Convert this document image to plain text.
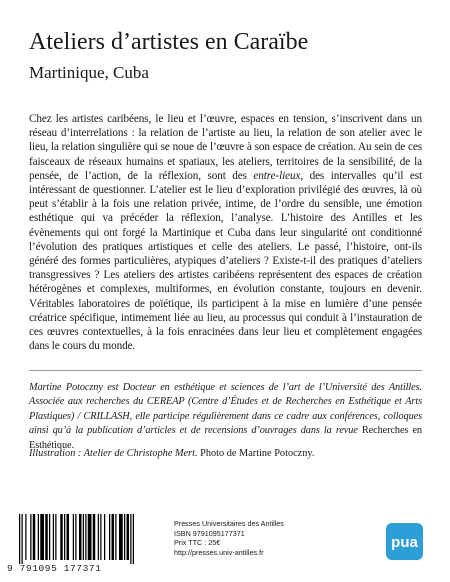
Ateliers d’artistes en Caraïbe
Martinique, Cuba

Chez les artistes caribéens, le lieu et l’œuvre, espaces en tension, s’inscrivent dans un réseau d’interrelations : la relation de l’artiste au lieu, la relation de son atelier avec le lieu, la relation singulière qui se noue de l’œuvre à son espace de création. Au sein de ces faisceaux de réseaux humains et spatiaux, les ateliers, territoires de la sensibilité, de la pensée, de l’action, de la réflexion, sont des entre-lieux, des intervalles qu’il est intéressant de questionner. L’atelier est le lieu d’exploration privilégié des œuvres, là où peut s’établir à la fois une relation privée, intime, de l’ordre du sensible, une émotion esthétique qui va précéder la réflexion, l’analyse. L’histoire des Antilles et les évènements qui ont forgé la Martinique et Cuba dans leur singularité ont conditionné l’évolution des pratiques artistiques et celle des ateliers. Le passé, l’histoire, ont-ils généré des formes particulières, atypiques d’ateliers ? Existe-t-il des pratiques d’ateliers transgressives ? Les ateliers des artistes caribéens représentent des espaces de création hétérogènes et complexes, multiformes, en évolution constante, toujours en devenir. Véritables laboratoires de poïétique, ils participent à la mise en lumière d’une pensée créatrice spécifique, intimement liée au lieu, au processus qui conduit à l’instauration de ces œuvres contextuelles, à la fois enracinées dans leur lieu et complètement engagées dans le cours du monde.

Martine Potoczny est Docteur en esthétique et sciences de l’art de l’Université des Antilles. Associée aux recherches du CEREAP (Centre d’Études et de Recherches en Esthétique et Arts Plastiques) / CRILLASH, elle participe régulièrement dans ce cadre aux conférences, colloques ainsi qu’à la publication d’articles et de recensions d’ouvrages dans la revue Recherches en Esthétique.
Illustration : Atelier de Christophe Mert. Photo de Martine Potoczny.
9 791095 177371
Presses Universitaires des Antilles
ISBN 9791095177371
Prix TTC : 25€
http://presses.univ-antilles.fr
pua
